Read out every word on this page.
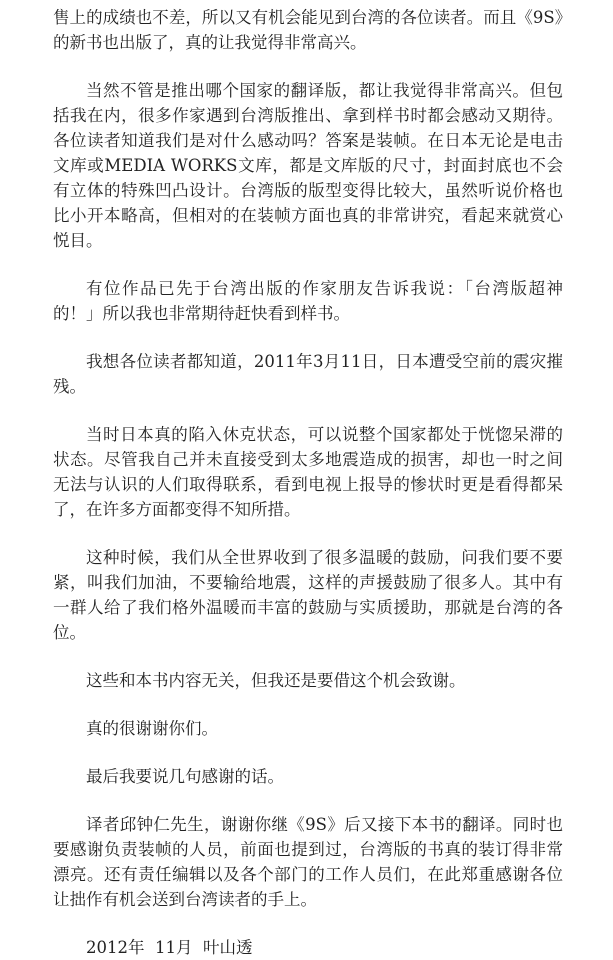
售上的成绩也不差，所以又有机会能见到台湾的各位读者。而且《9S》的新书也出版了，真的让我觉得非常高兴。

当然不管是推出哪个国家的翻译版，都让我觉得非常高兴。但包括我在内，很多作家遇到台湾版推出、拿到样书时都会感动又期待。各位读者知道我们是对什么感动吗？答案是装帧。在日本无论是电击文库或MEDIA WORKS文库，都是文库版的尺寸，封面封底也不会有立体的特殊凹凸设计。台湾版的版型变得比较大，虽然听说价格也比小开本略高，但相对的在装帧方面也真的非常讲究，看起来就赏心悦目。

有位作品已先于台湾出版的作家朋友告诉我说：「台湾版超神的！」所以我也非常期待赶快看到样书。

我想各位读者都知道，2011年3月11日，日本遭受空前的震灾摧残。

当时日本真的陷入休克状态，可以说整个国家都处于恍惚呆滞的状态。尽管我自己并未直接受到太多地震造成的损害，却也一时之间无法与认识的人们取得联系，看到电视上报导的惨状时更是看得都呆了，在许多方面都变得不知所措。

这种时候，我们从全世界收到了很多温暖的鼓励，问我们要不要紧，叫我们加油，不要输给地震，这样的声援鼓励了很多人。其中有一群人给了我们格外温暖而丰富的鼓励与实质援助，那就是台湾的各位。

这些和本书内容无关，但我还是要借这个机会致谢。

真的很谢谢你们。

最后我要说几句感谢的话。

译者邱钟仁先生，谢谢你继《9S》后又接下本书的翻译。同时也要感谢负责装帧的人员，前面也提到过，台湾版的书真的装订得非常漂亮。还有责任编辑以及各个部门的工作人员们，在此郑重感谢各位让拙作有机会送到台湾读者的手上。

2012年  11月  叶山透
